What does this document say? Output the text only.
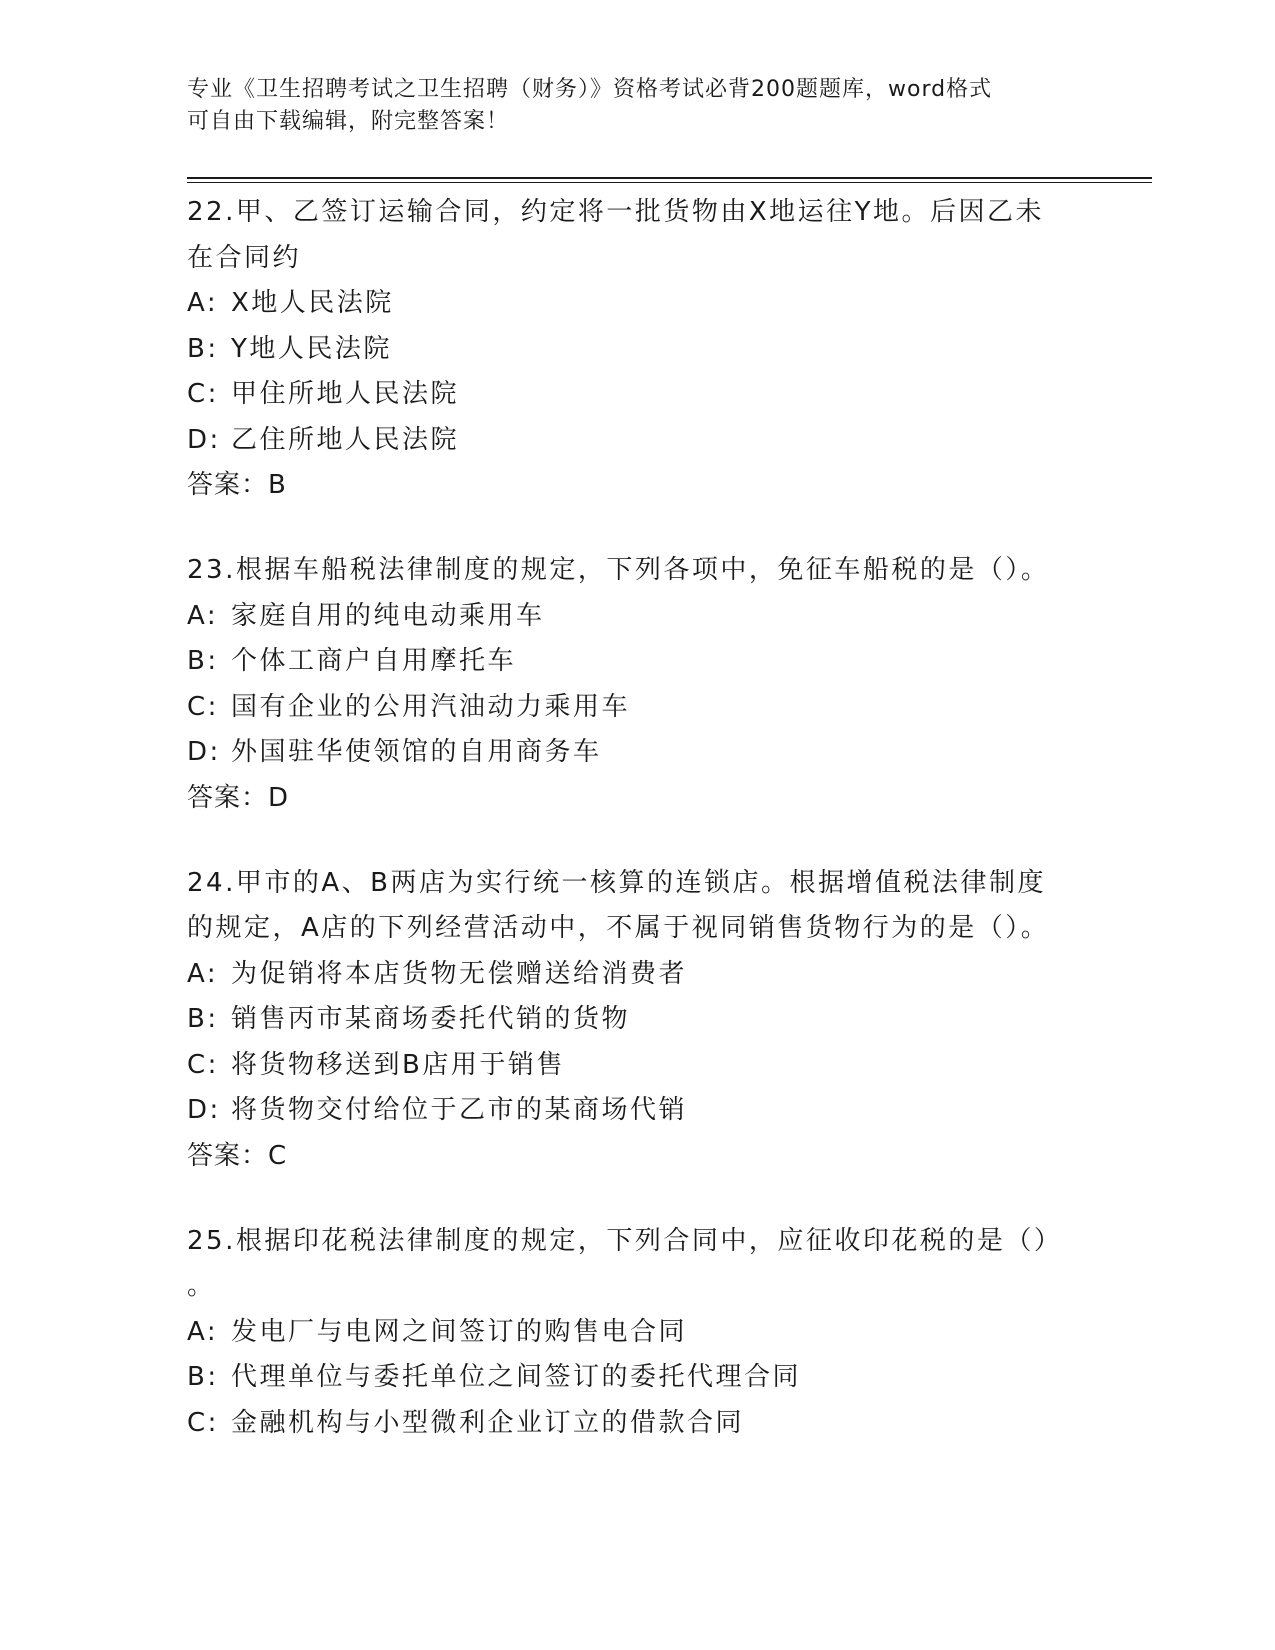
专业《卫生招聘考试之卫生招聘（财务）》资格考试必背200题题库，word格式
可自由下载编辑，附完整答案！
22.甲、乙签订运输合同，约定将一批货物由X地运往Y地。后因乙未
在合同约
A: X地人民法院
B: Y地人民法院
C: 甲住所地人民法院
D: 乙住所地人民法院
答案：B
23.根据车船税法律制度的规定，下列各项中，免征车船税的是（）。
A: 家庭自用的纯电动乘用车
B: 个体工商户自用摩托车
C: 国有企业的公用汽油动力乘用车
D: 外国驻华使领馆的自用商务车
答案：D
24.甲市的A、B两店为实行统一核算的连锁店。根据增值税法律制度
的规定，A店的下列经营活动中，不属于视同销售货物行为的是（）。
A: 为促销将本店货物无偿赠送给消费者
B: 销售丙市某商场委托代销的货物
C: 将货物移送到B店用于销售
D: 将货物交付给位于乙市的某商场代销
答案：C
25.根据印花税法律制度的规定，下列合同中，应征收印花税的是（）
。
A: 发电厂与电网之间签订的购售电合同
B: 代理单位与委托单位之间签订的委托代理合同
C: 金融机构与小型微利企业订立的借款合同
